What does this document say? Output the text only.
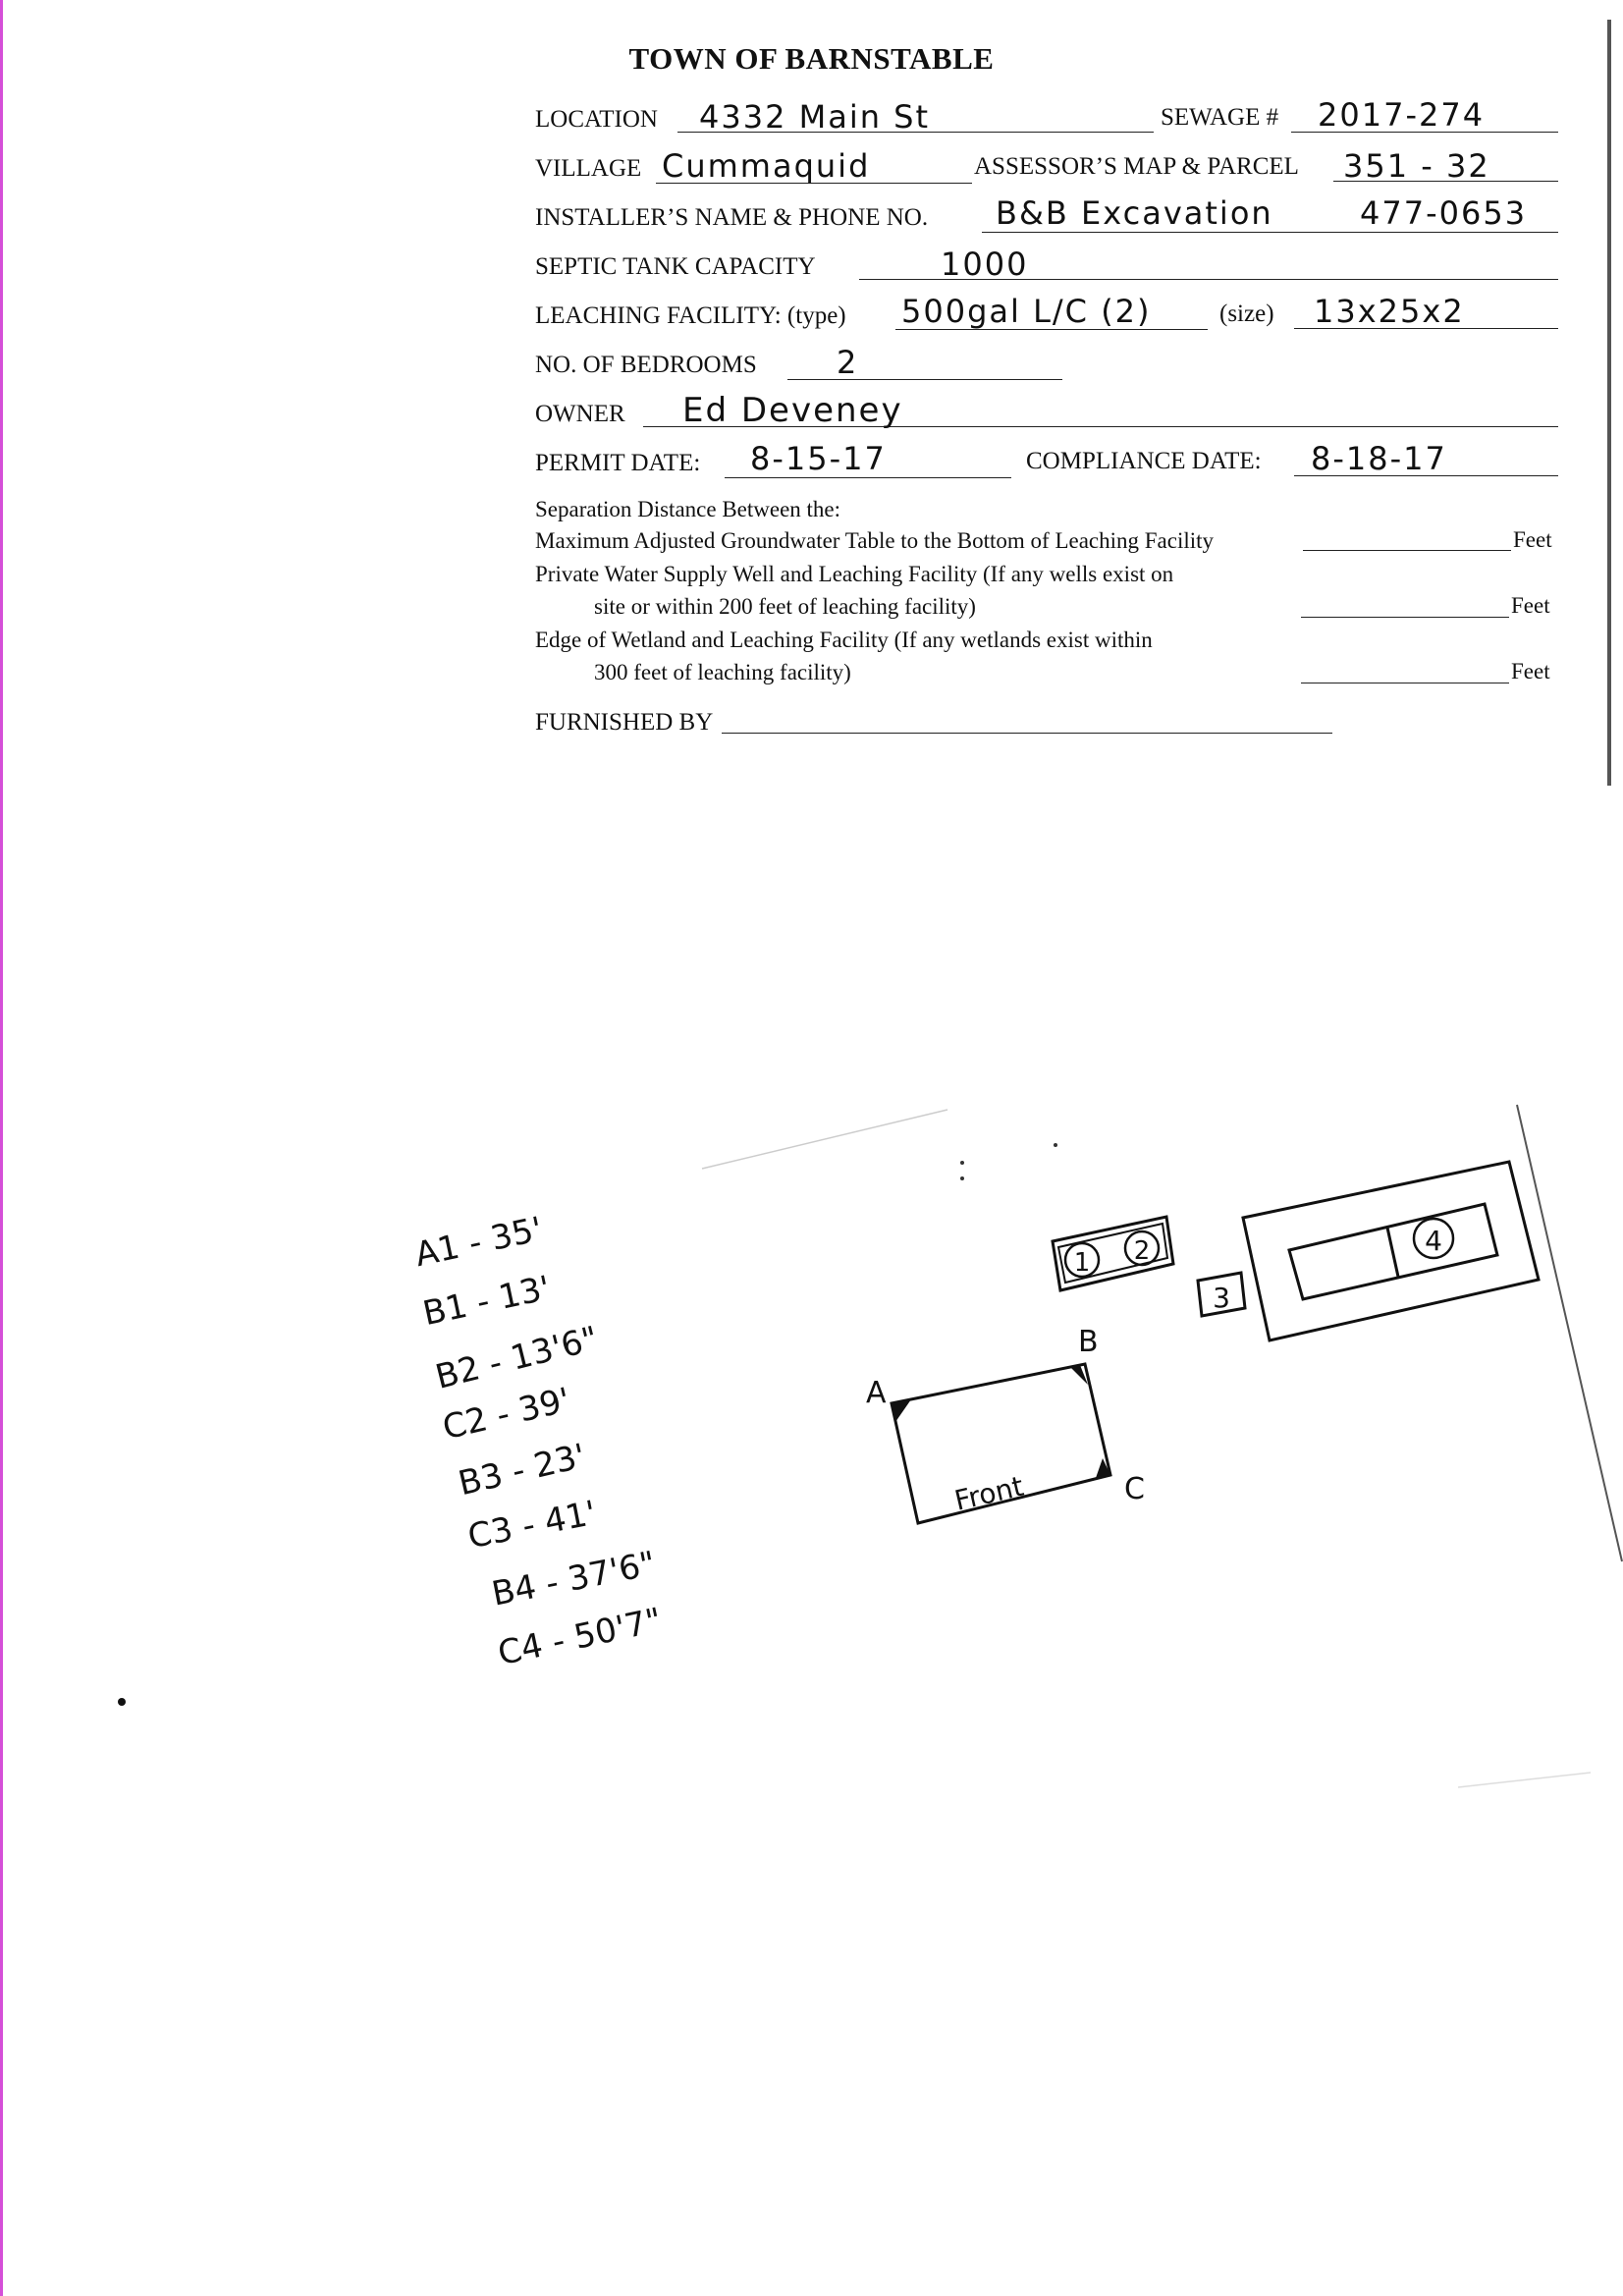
TOWN OF BARNSTABLE
LOCATION 4332 Main St	SEWAGE # 2017-274
VILLAGE Cummaquid	ASSESSOR’S MAP & PARCEL 351 - 32
INSTALLER’S NAME & PHONE NO. B&B Excavation	477-0653
SEPTIC TANK CAPACITY	1000
LEACHING FACILITY: (type) 500gal L/C (2)	(size) 13x25x2
NO. OF BEDROOMS	2
OWNER Ed Deveney
PERMIT DATE: 8-15-17	COMPLIANCE DATE: 8-18-17
Separation Distance Between the:
Maximum Adjusted Groundwater Table to the Bottom of Leaching Facility	Feet
Private Water Supply Well and Leaching Facility (If any wells exist on
site or within 200 feet of leaching facility)	Feet
Edge of Wetland and Leaching Facility (If any wetlands exist within
300 feet of leaching facility)	Feet
FURNISHED BY
A1 - 35'
B1 - 13'
B2 - 13'6"
C2 - 39'
B3 - 23'
C3 - 41'
B4 - 37'6"
C4 - 50'7"
1 2
3
4
A
B
C
Front
